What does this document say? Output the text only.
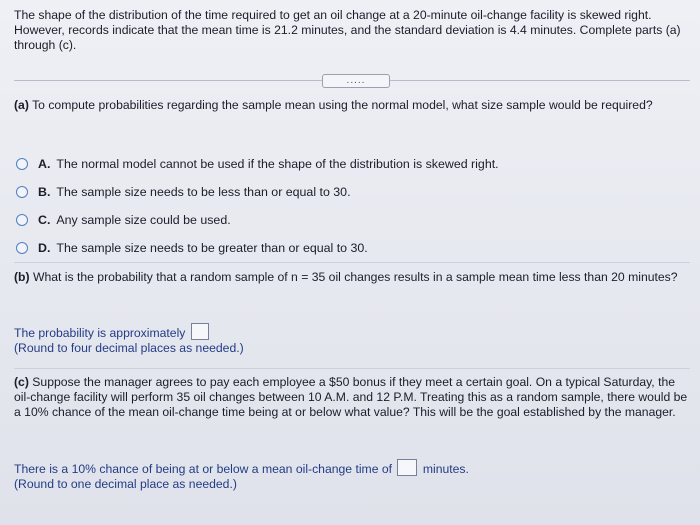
The shape of the distribution of the time required to get an oil change at a 20-minute oil-change facility is skewed right. However, records indicate that the mean time is 21.2 minutes, and the standard deviation is 4.4 minutes. Complete parts (a) through (c).
.....
(a) To compute probabilities regarding the sample mean using the normal model, what size sample would be required?
A. The normal model cannot be used if the shape of the distribution is skewed right.
B. The sample size needs to be less than or equal to 30.
C. Any sample size could be used.
D. The sample size needs to be greater than or equal to 30.
(b) What is the probability that a random sample of n = 35 oil changes results in a sample mean time less than 20 minutes?
The probability is approximately
(Round to four decimal places as needed.)
(c) Suppose the manager agrees to pay each employee a $50 bonus if they meet a certain goal. On a typical Saturday, the oil-change facility will perform 35 oil changes between 10 A.M. and 12 P.M. Treating this as a random sample, there would be a 10% chance of the mean oil-change time being at or below what value? This will be the goal established by the manager.
There is a 10% chance of being at or below a mean oil-change time of	minutes.
(Round to one decimal place as needed.)
